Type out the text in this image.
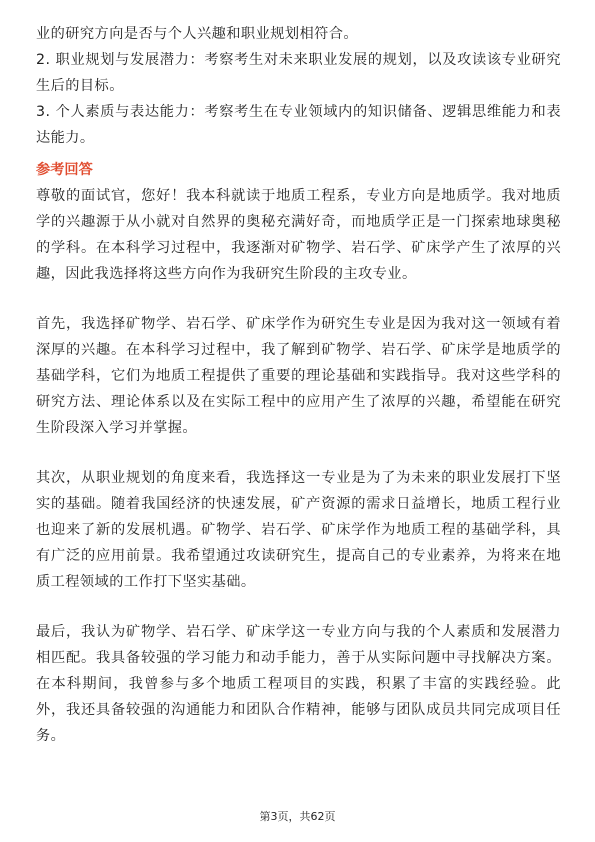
业的研究方向是否与个人兴趣和职业规划相符合。

2. 职业规划与发展潜力：考察考生对未来职业发展的规划，以及攻读该专业研究生后的目标。

3. 个人素质与表达能力：考察考生在专业领域内的知识储备、逻辑思维能力和表达能力。

参考回答

尊敬的面试官，您好！我本科就读于地质工程系，专业方向是地质学。我对地质学的兴趣源于从小就对自然界的奥秘充满好奇，而地质学正是一门探索地球奥秘的学科。在本科学习过程中，我逐渐对矿物学、岩石学、矿床学产生了浓厚的兴趣，因此我选择将这些方向作为我研究生阶段的主攻专业。

首先，我选择矿物学、岩石学、矿床学作为研究生专业是因为我对这一领域有着深厚的兴趣。在本科学习过程中，我了解到矿物学、岩石学、矿床学是地质学的基础学科，它们为地质工程提供了重要的理论基础和实践指导。我对这些学科的研究方法、理论体系以及在实际工程中的应用产生了浓厚的兴趣，希望能在研究生阶段深入学习并掌握。

其次，从职业规划的角度来看，我选择这一专业是为了为未来的职业发展打下坚实的基础。随着我国经济的快速发展，矿产资源的需求日益增长，地质工程行业也迎来了新的发展机遇。矿物学、岩石学、矿床学作为地质工程的基础学科，具有广泛的应用前景。我希望通过攻读研究生，提高自己的专业素养，为将来在地质工程领域的工作打下坚实基础。

最后，我认为矿物学、岩石学、矿床学这一专业方向与我的个人素质和发展潜力相匹配。我具备较强的学习能力和动手能力，善于从实际问题中寻找解决方案。在本科期间，我曾参与多个地质工程项目的实践，积累了丰富的实践经验。此外，我还具备较强的沟通能力和团队合作精神，能够与团队成员共同完成项目任务。

第3页，共62页
